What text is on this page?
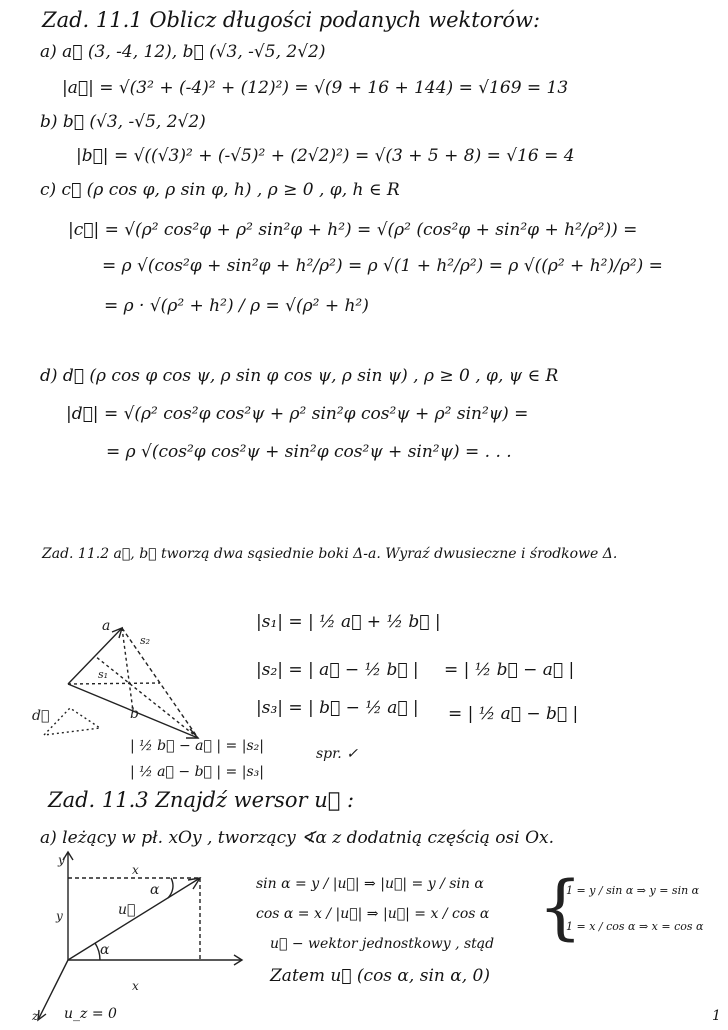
Zad. 11.1 Oblicz długości podanych wektorów:
a) a⃗ (3, -4, 12), b⃗ (√3, -√5, 2√2)
|a⃗| = √(3² + (-4)² + (12)²) = √(9 + 16 + 144) = √169 = 13
b) b⃗ (√3, -√5, 2√2)
|b⃗| = √((√3)² + (-√5)² + (2√2)²) = √(3 + 5 + 8) = √16 = 4
c) c⃗ (ρ cos φ, ρ sin φ, h) , ρ ≥ 0 , φ, h ∈ R
|c⃗| = √(ρ² cos²φ + ρ² sin²φ + h²) = √(ρ² (cos²φ + sin²φ + h²/ρ²)) =
= ρ √(cos²φ + sin²φ + h²/ρ²) = ρ √(1 + h²/ρ²) = ρ √((ρ² + h²)/ρ²) =
= ρ · √(ρ² + h²) / ρ = √(ρ² + h²)
d) d⃗ (ρ cos φ cos ψ, ρ sin φ cos ψ, ρ sin ψ) , ρ ≥ 0 , φ, ψ ∈ R
|d⃗| = √(ρ² cos²φ cos²ψ + ρ² sin²φ cos²ψ + ρ² sin²ψ) =
= ρ √(cos²φ cos²ψ + sin²φ cos²ψ + sin²ψ) = . . .
Zad. 11.2 a⃗, b⃗ tworzą dwa sąsiednie boki Δ-a. Wyraź dwusieczne i środkowe Δ.
a
b
s₁
s₂
d⃗
|s₁| = | ½ a⃗ + ½ b⃗ |
|s₂| = | a⃗ − ½ b⃗ | = | ½ b⃗ − a⃗ |
|s₃| = | b⃗ − ½ a⃗ | = | ½ a⃗ − b⃗ |
| ½ b⃗ − a⃗ | = |s₂|
| ½ a⃗ − b⃗ | = |s₃|
spr. ✓
Zad. 11.3 Znajdź wersor u⃗ :
a) leżący w pł. xOy , tworzący ∢α z dodatnią częścią osi Ox.
y
y
x
x
u⃗
α
α
z
sin α = y / |u⃗| ⇒ |u⃗| = y / sin α
cos α = x / |u⃗| ⇒ |u⃗| = x / cos α
u⃗ − wektor jednostkowy , stąd
Zatem u⃗ (cos α, sin α, 0)
{
1 = y / sin α ⇒ y = sin α
1 = x / cos α ⇒ x = cos α
u_z = 0	1
